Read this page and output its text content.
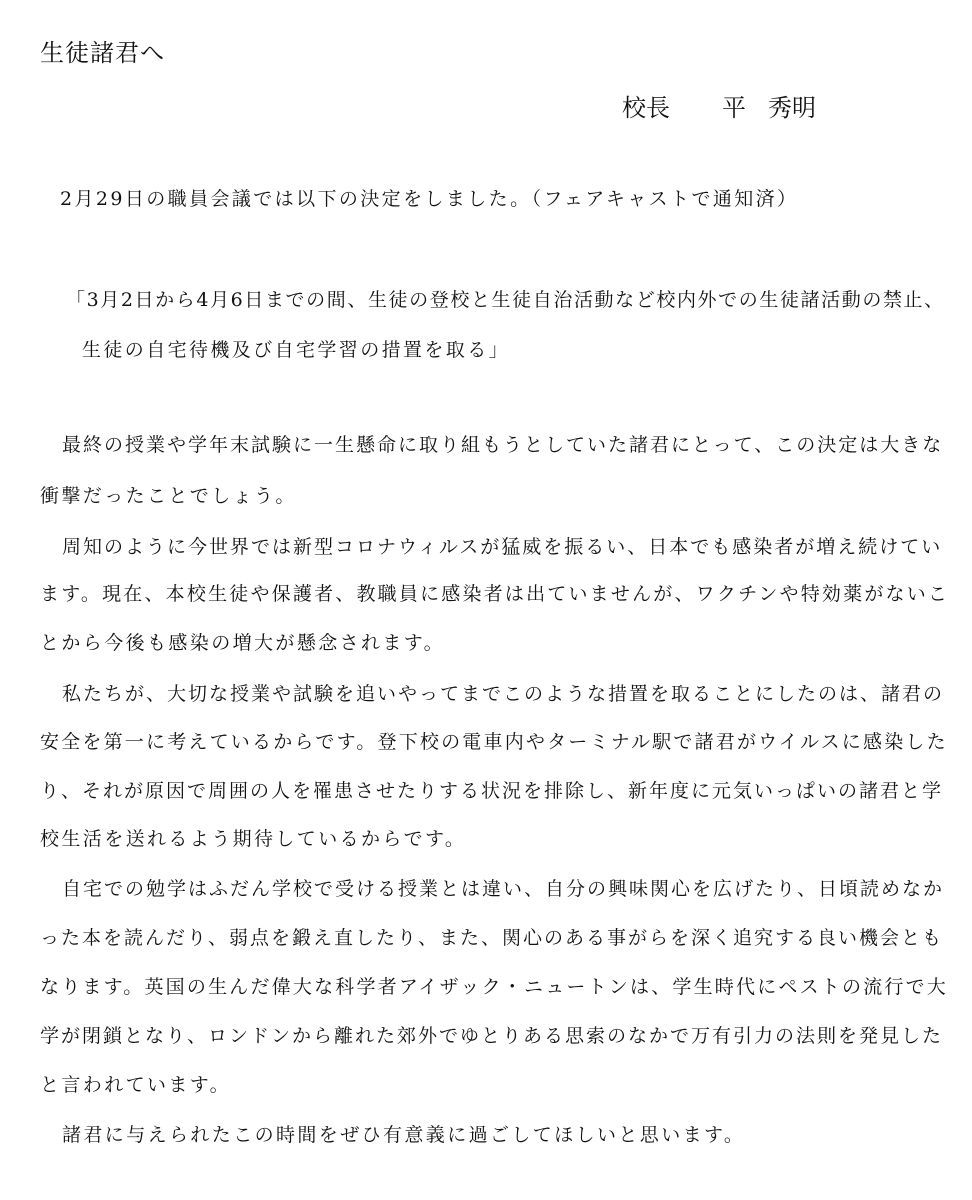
生徒諸君へ
校長 平 秀明
2月29日の職員会議では以下の決定をしました。（フェアキャストで通知済）
「3月2日から4月6日までの間、生徒の登校と生徒自治活動など校内外での生徒諸活動の禁止、
生徒の自宅待機及び自宅学習の措置を取る」
最終の授業や学年末試験に一生懸命に取り組もうとしていた諸君にとって、この決定は大きな
衝撃だったことでしょう。
周知のように今世界では新型コロナウィルスが猛威を振るい、日本でも感染者が増え続けてい
ます。現在、本校生徒や保護者、教職員に感染者は出ていませんが、ワクチンや特効薬がないこ
とから今後も感染の増大が懸念されます。
私たちが、大切な授業や試験を追いやってまでこのような措置を取ることにしたのは、諸君の
安全を第一に考えているからです。登下校の電車内やターミナル駅で諸君がウイルスに感染した
り、それが原因で周囲の人を罹患させたりする状況を排除し、新年度に元気いっぱいの諸君と学
校生活を送れるよう期待しているからです。
自宅での勉学はふだん学校で受ける授業とは違い、自分の興味関心を広げたり、日頃読めなか
った本を読んだり、弱点を鍛え直したり、また、関心のある事がらを深く追究する良い機会とも
なります。英国の生んだ偉大な科学者アイザック・ニュートンは、学生時代にペストの流行で大
学が閉鎖となり、ロンドンから離れた郊外でゆとりある思索のなかで万有引力の法則を発見した
と言われています。
諸君に与えられたこの時間をぜひ有意義に過ごしてほしいと思います。
